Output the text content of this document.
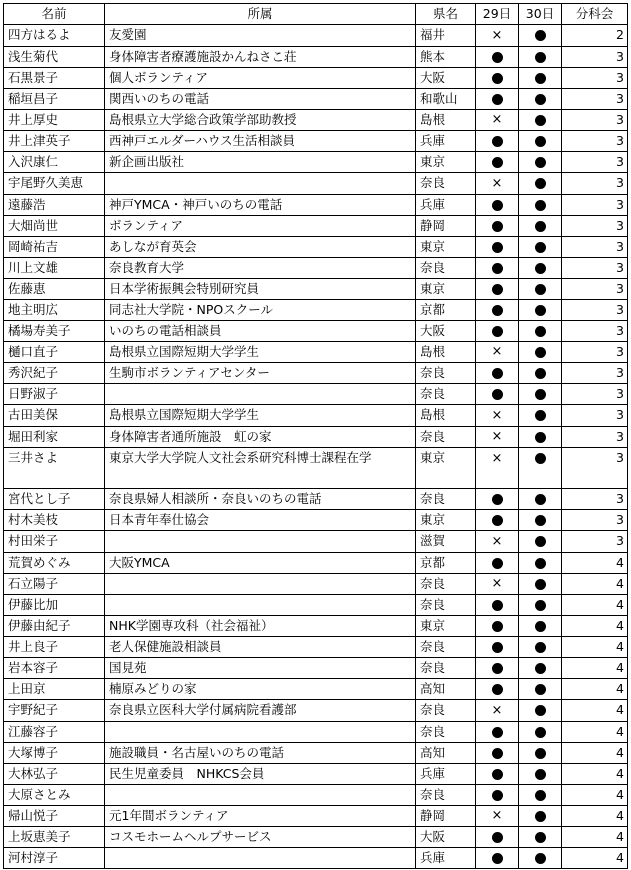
名前	所属	県名	29日	30日	分科会
四方はるよ	友愛園	福井	×		2
浅生菊代	身体障害者療護施設かんねさこ荘	熊本			3
石黒景子	個人ボランティア	大阪			3
稲垣昌子	関西いのちの電話	和歌山			3
井上厚史	島根県立大学総合政策学部助教授	島根	×		3
井上津英子	西神戸エルダーハウス生活相談員	兵庫			3
入沢康仁	新企画出版社	東京			3
宇尾野久美恵		奈良	×		3
遠藤浩	神戸YMCA・神戸いのちの電話	兵庫			3
大畑尚世	ボランティア	静岡			3
岡崎祐吉	あしなが育英会	東京			3
川上文雄	奈良教育大学	奈良			3
佐藤恵	日本学術振興会特別研究員	東京			3
地主明広	同志社大学院・NPOスクール	京都			3
橘場寿美子	いのちの電話相談員	大阪			3
樋口直子	島根県立国際短期大学学生	島根	×		3
秀沢紀子	生駒市ボランティアセンター	奈良			3
日野淑子		奈良			3
古田美保	島根県立国際短期大学学生	島根	×		3
堀田利家	身体障害者通所施設　虹の家	奈良	×		3
三井さよ	東京大学大学院人文社会系研究科博士課程在学	東京	×		3
宮代とし子	奈良県婦人相談所・奈良いのちの電話	奈良			3
村木美枝	日本青年奉仕協会	東京			3
村田栄子		滋賀	×		3
荒賀めぐみ	大阪YMCA	京都			4
石立陽子		奈良	×		4
伊藤比加		奈良			4
伊藤由紀子	NHK学園専攻科（社会福祉）	東京			4
井上良子	老人保健施設相談員	奈良			4
岩本容子	国見苑	奈良			4
上田京	楠原みどりの家	高知			4
宇野紀子	奈良県立医科大学付属病院看護部	奈良	×		4
江藤容子		奈良			4
大塚博子	施設職員・名古屋いのちの電話	高知			4
大林弘子	民生児童委員　NHKCS会員	兵庫			4
大原さとみ		奈良			4
帰山悦子	元1年間ボランティア	静岡	×		4
上坂恵美子	コスモホームヘルプサービス	大阪			4
河村淳子		兵庫			4
